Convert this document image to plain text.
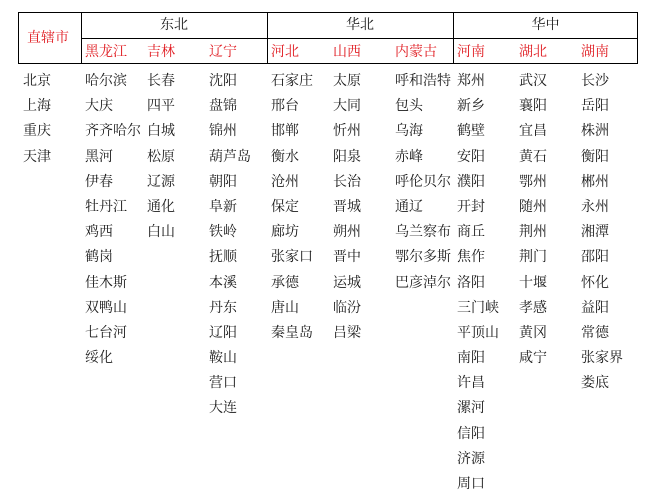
直辖市
东北	华北	华中
黑龙江 吉林 辽宁 河北 山西 内蒙古 河南 湖北 湖南
北京
上海
重庆
天津
哈尔滨
大庆
齐齐哈尔
黑河
伊春
牡丹江
鸡西
鹤岗
佳木斯
双鸭山
七台河
绥化
长春
四平
白城
松原
辽源
通化
白山
沈阳
盘锦
锦州
葫芦岛
朝阳
阜新
铁岭
抚顺
本溪
丹东
辽阳
鞍山
营口
大连
石家庄
邢台
邯郸
衡水
沧州
保定
廊坊
张家口
承德
唐山
秦皇岛
太原
大同
忻州
阳泉
长治
晋城
朔州
晋中
运城
临汾
吕梁
呼和浩特
包头
乌海
赤峰
呼伦贝尔
通辽
乌兰察布
鄂尔多斯
巴彦淖尔
郑州
新乡
鹤壁
安阳
濮阳
开封
商丘
焦作
洛阳
三门峡
平顶山
南阳
许昌
漯河
信阳
济源
周口
武汉
襄阳
宜昌
黄石
鄂州
随州
荆州
荆门
十堰
孝感
黄冈
咸宁
长沙
岳阳
株洲
衡阳
郴州
永州
湘潭
邵阳
怀化
益阳
常德
张家界
娄底
